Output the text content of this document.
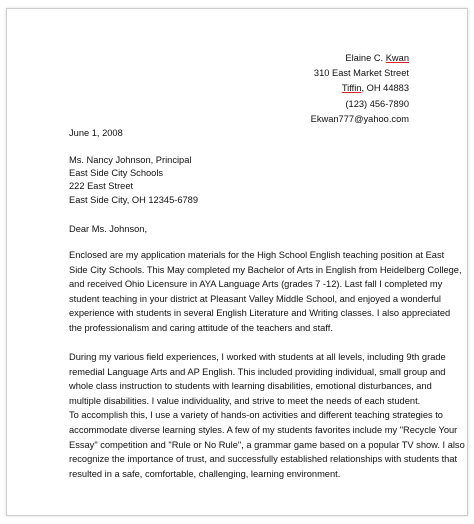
Elaine C. Kwan
310 East Market Street
Tiffin, OH 44883
(123) 456-7890
Ekwan777@yahoo.com
June 1, 2008
Ms. Nancy Johnson, Principal
East Side City Schools
222 East Street
East Side City, OH 12345-6789
Dear Ms. Johnson,
Enclosed are my application materials for the High School English teaching position at East
Side City Schools. This May completed my Bachelor of Arts in English from Heidelberg College,
and received Ohio Licensure in AYA Language Arts (grades 7 -12). Last fall I completed my
student teaching in your district at Pleasant Valley Middle School, and enjoyed a wonderful
experience with students in several English Literature and Writing classes. I also appreciated
the professionalism and caring attitude of the teachers and staff.
During my various field experiences, I worked with students at all levels, including 9th grade
remedial Language Arts and AP English. This included providing individual, small group and
whole class instruction to students with learning disabilities, emotional disturbances, and
multiple disabilities. I value individuality, and strive to meet the needs of each student.
To accomplish this, I use a variety of hands-on activities and different teaching strategies to
accommodate diverse learning styles. A few of my students favorites include my "Recycle Your
Essay" competition and "Rule or No Rule", a grammar game based on a popular TV show. I also
recognize the importance of trust, and successfully established relationships with students that
resulted in a safe, comfortable, challenging, learning environment.
